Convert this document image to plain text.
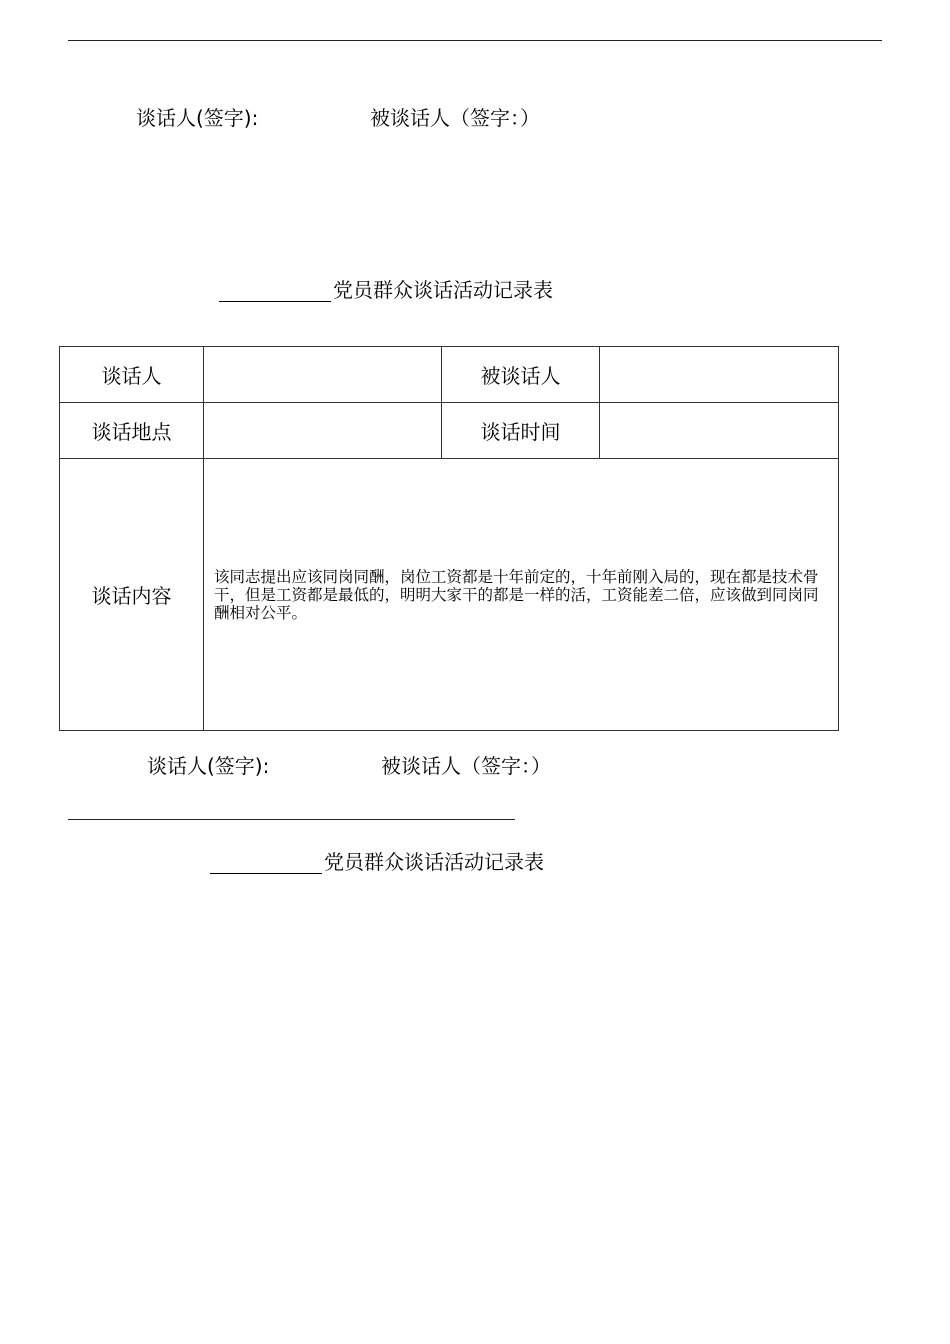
谈话人(签字):	被谈话人（签字：）
党员群众谈话活动记录表
谈话人		被谈话人	
谈话地点		谈话时间	
谈话内容	该同志提出应该同岗同酬，岗位工资都是十年前定的，十年前刚入局的，现在都是技术骨干，但是工资都是最低的，明明大家干的都是一样的活，工资能差二倍，应该做到同岗同酬相对公平。		
谈话人(签字):	被谈话人（签字：）
党员群众谈话活动记录表
